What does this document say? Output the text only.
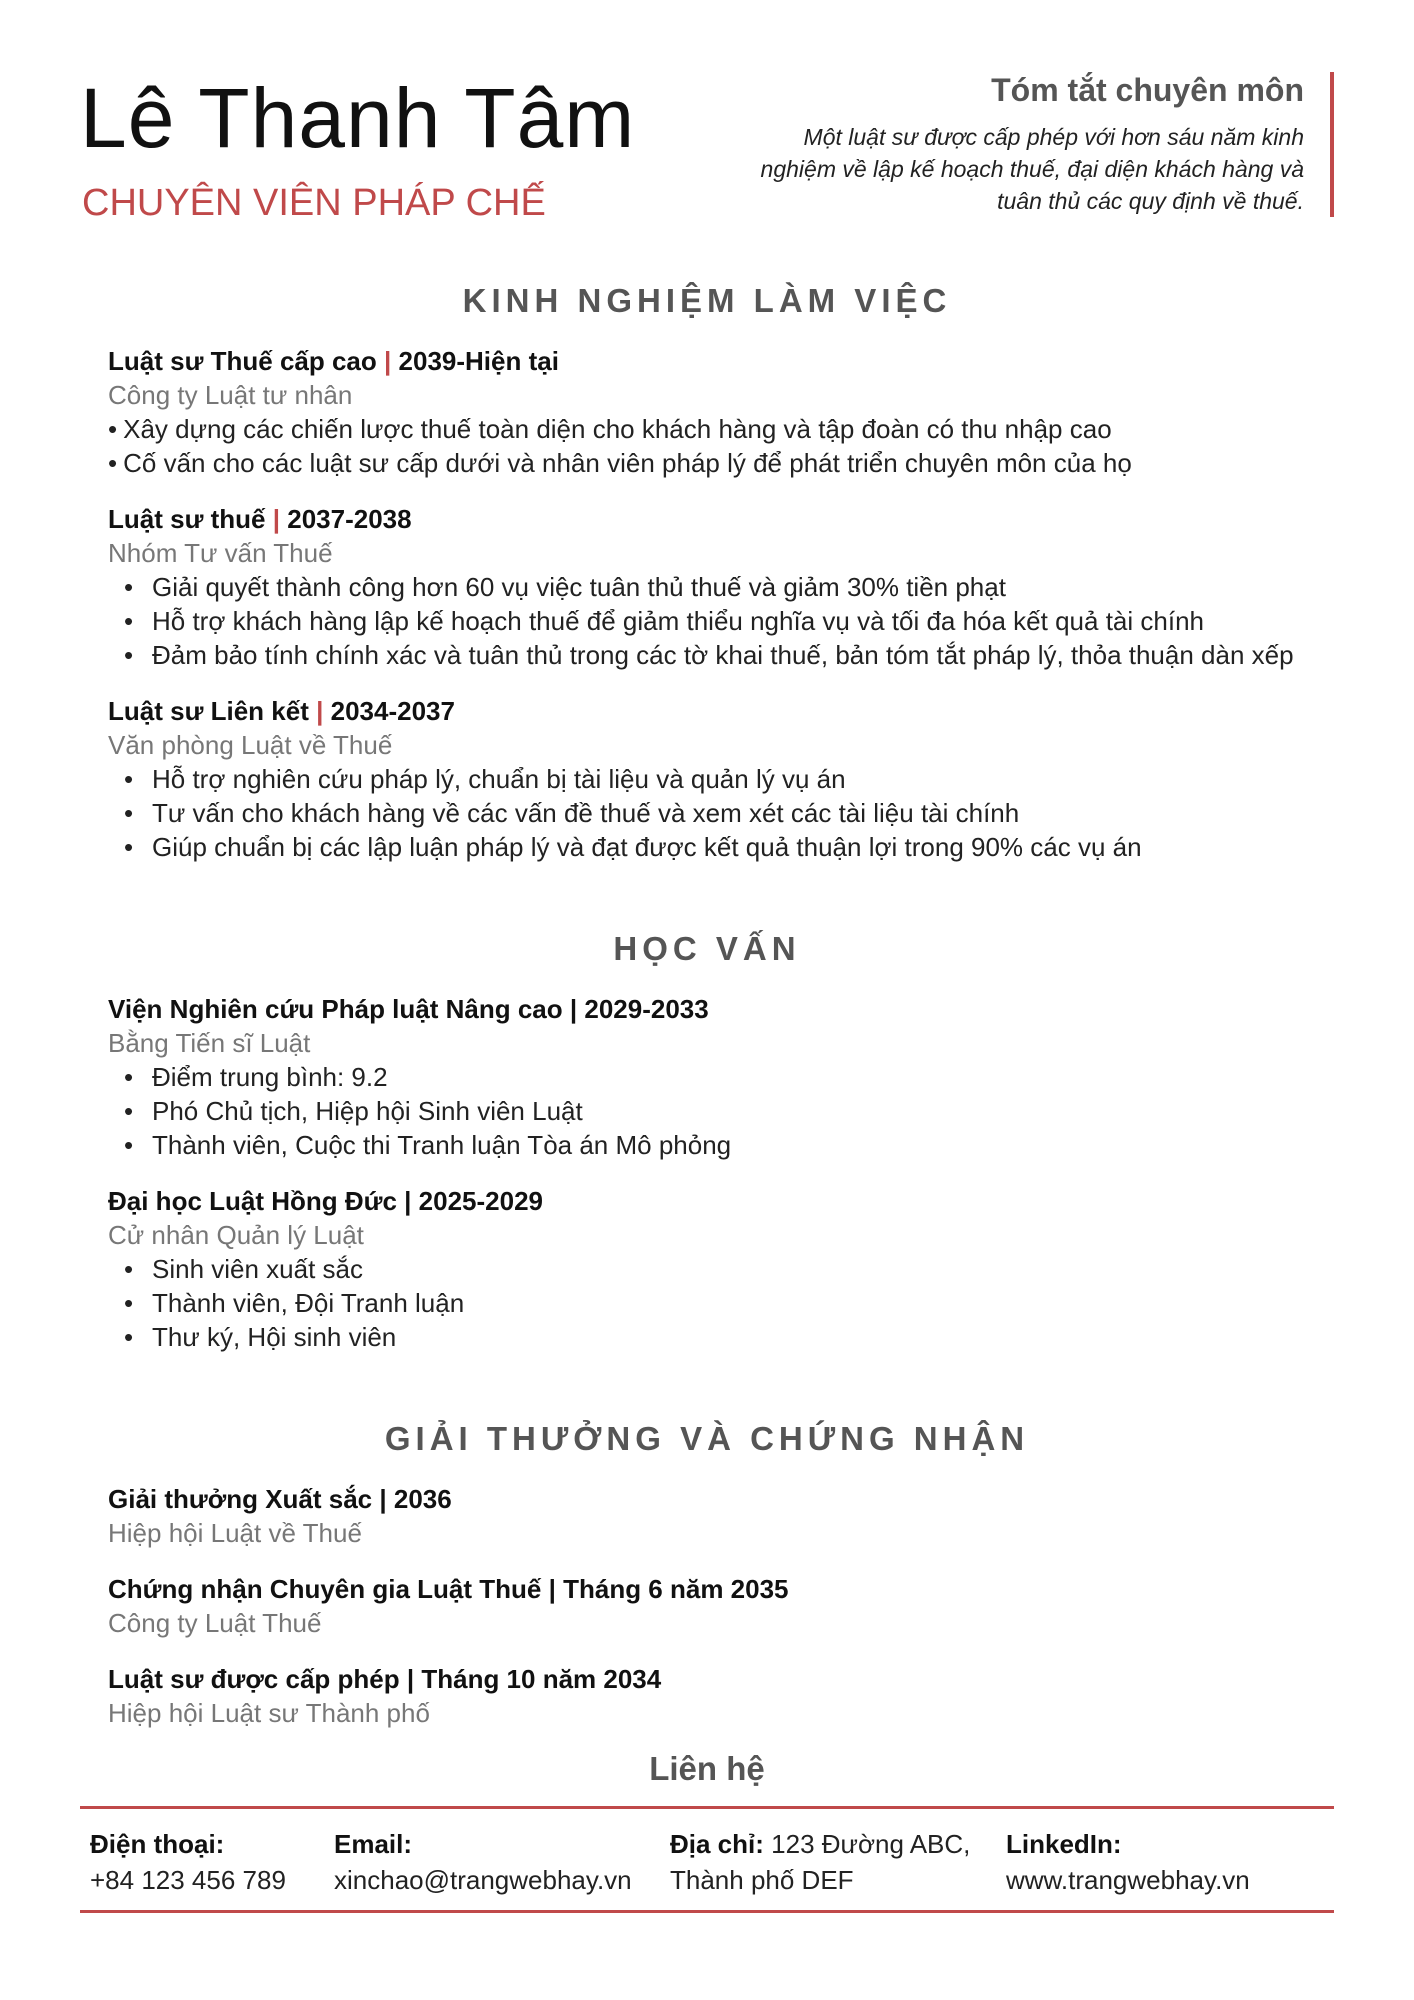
Lê Thanh Tâm
CHUYÊN VIÊN PHÁP CHẾ
Tóm tắt chuyên môn

Một luật sư được cấp phép với hơn sáu năm kinh nghiệm về lập kế hoạch thuế, đại diện khách hàng và tuân thủ các quy định về thuế.

KINH NGHIỆM LÀM VIỆC
Luật sư Thuế cấp cao | 2039-Hiện tại
Công ty Luật tư nhân
• Xây dựng các chiến lược thuế toàn diện cho khách hàng và tập đoàn có thu nhập cao
• Cố vấn cho các luật sư cấp dưới và nhân viên pháp lý để phát triển chuyên môn của họ
Luật sư thuế | 2037-2038
Nhóm Tư vấn Thuế
• Giải quyết thành công hơn 60 vụ việc tuân thủ thuế và giảm 30% tiền phạt
• Hỗ trợ khách hàng lập kế hoạch thuế để giảm thiểu nghĩa vụ và tối đa hóa kết quả tài chính
• Đảm bảo tính chính xác và tuân thủ trong các tờ khai thuế, bản tóm tắt pháp lý, thỏa thuận dàn xếp
Luật sư Liên kết | 2034-2037
Văn phòng Luật về Thuế
• Hỗ trợ nghiên cứu pháp lý, chuẩn bị tài liệu và quản lý vụ án
• Tư vấn cho khách hàng về các vấn đề thuế và xem xét các tài liệu tài chính
• Giúp chuẩn bị các lập luận pháp lý và đạt được kết quả thuận lợi trong 90% các vụ án
HỌC VẤN
Viện Nghiên cứu Pháp luật Nâng cao | 2029-2033
Bằng Tiến sĩ Luật
• Điểm trung bình: 9.2
• Phó Chủ tịch, Hiệp hội Sinh viên Luật
• Thành viên, Cuộc thi Tranh luận Tòa án Mô phỏng
Đại học Luật Hồng Đức | 2025-2029
Cử nhân Quản lý Luật
• Sinh viên xuất sắc
• Thành viên, Đội Tranh luận
• Thư ký, Hội sinh viên
GIẢI THƯỞNG VÀ CHỨNG NHẬN
Giải thưởng Xuất sắc | 2036
Hiệp hội Luật về Thuế
Chứng nhận Chuyên gia Luật Thuế | Tháng 6 năm 2035
Công ty Luật Thuế
Luật sư được cấp phép | Tháng 10 năm 2034
Hiệp hội Luật sư Thành phố
Liên hệ
Điện thoại:
+84 123 456 789
Email:
xinchao@trangwebhay.vn
Địa chỉ: 123 Đường ABC,
Thành phố DEF
LinkedIn:
www.trangwebhay.vn
